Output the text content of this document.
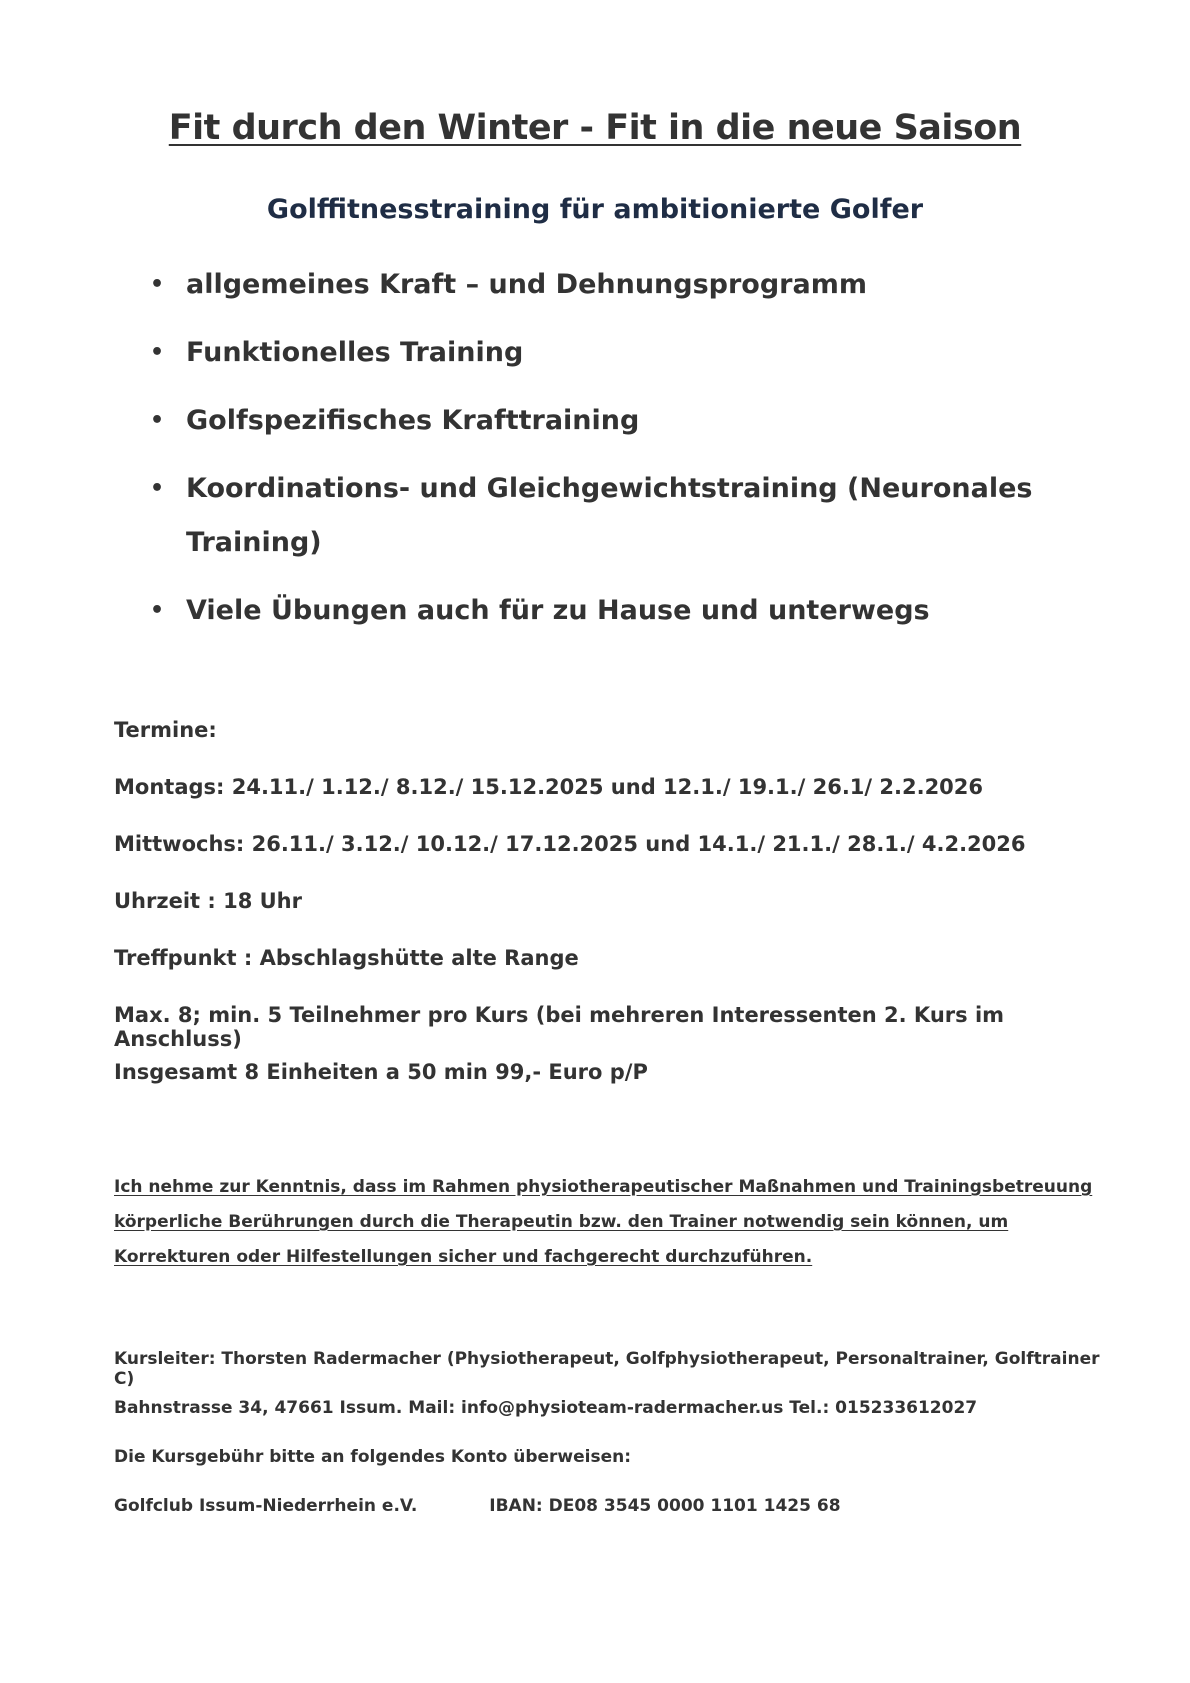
Fit durch den Winter - Fit in die neue Saison
Golffitnesstraining für ambitionierte Golfer
• allgemeines Kraft – und Dehnungsprogramm
• Funktionelles Training
• Golfspezifisches Krafttraining
• Koordinations- und Gleichgewichtstraining (Neuronales Training)
• Viele Übungen auch für zu Hause und unterwegs
Termine:
Montags: 24.11./ 1.12./ 8.12./ 15.12.2025 und 12.1./ 19.1./ 26.1/ 2.2.2026
Mittwochs: 26.11./ 3.12./ 10.12./ 17.12.2025 und 14.1./ 21.1./ 28.1./ 4.2.2026
Uhrzeit : 18 Uhr
Treffpunkt : Abschlagshütte alte Range
Max. 8; min. 5 Teilnehmer pro Kurs (bei mehreren Interessenten 2. Kurs im Anschluss)
Insgesamt 8 Einheiten a 50 min 99,- Euro p/P
Ich nehme zur Kenntnis, dass im Rahmen physiotherapeutischer Maßnahmen und Trainingsbetreuung körperliche Berührungen durch die Therapeutin bzw. den Trainer notwendig sein können, um Korrekturen oder Hilfestellungen sicher und fachgerecht durchzuführen.
Kursleiter: Thorsten Radermacher (Physiotherapeut, Golfphysiotherapeut, Personaltrainer, Golftrainer C)
Bahnstrasse 34, 47661 Issum. Mail: info@physioteam-radermacher.us Tel.: 015233612027
Die Kursgebühr bitte an folgendes Konto überweisen:
Golfclub Issum-Niederrhein e.V.	IBAN: DE08 3545 0000 1101 1425 68
